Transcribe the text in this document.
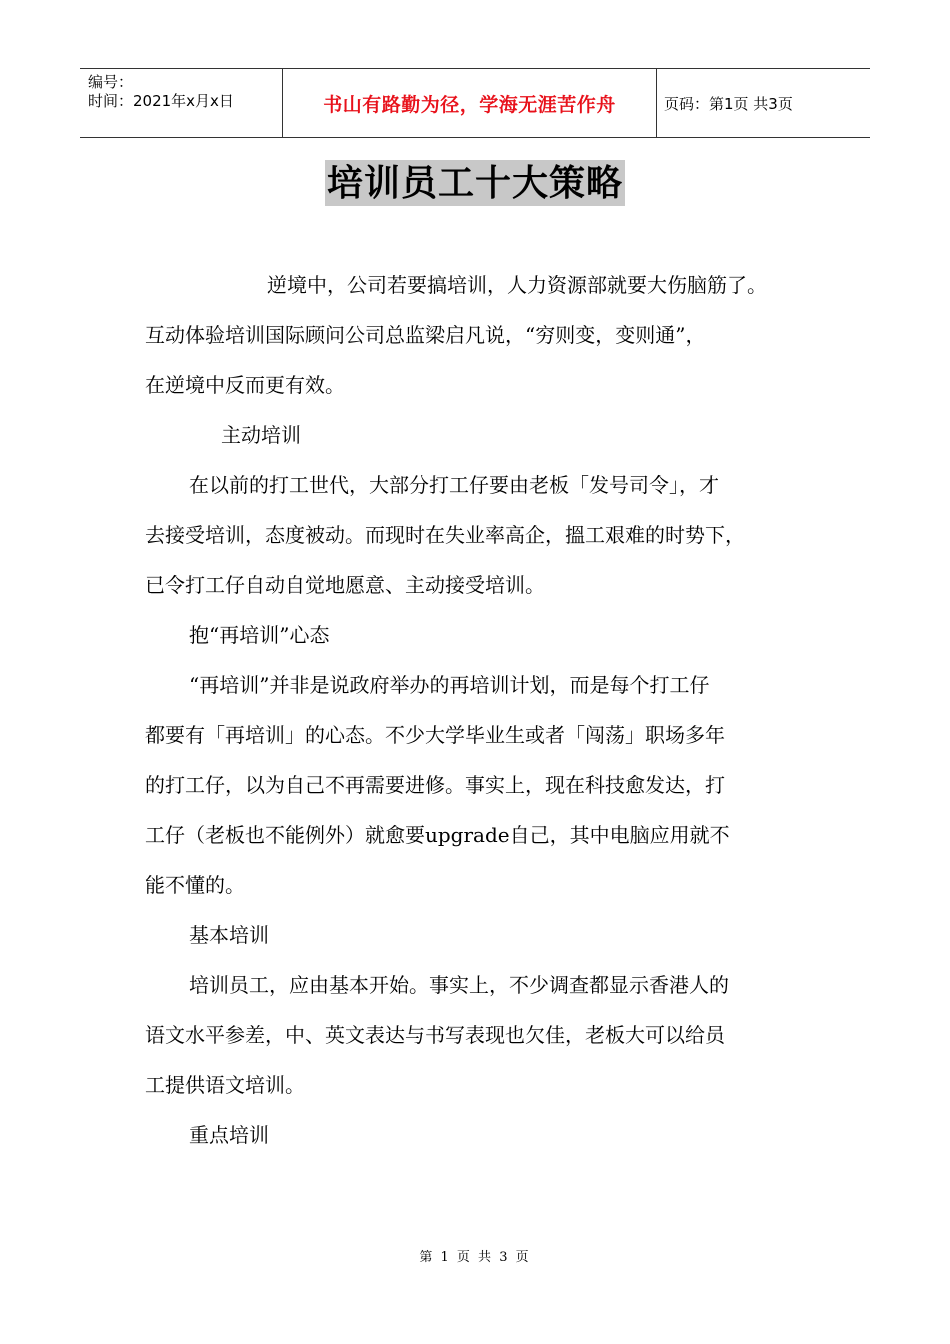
编号：
时间：2021年x月x日	书山有路勤为径，学海无涯苦作舟	页码：第1页 共3页
培训员工十大策略
逆境中，公司若要搞培训，人力资源部就要大伤脑筋了。
互动体验培训国际顾问公司总监梁启凡说，“穷则变，变则通”，
在逆境中反而更有效。
主动培训
在以前的打工世代，大部分打工仔要由老板「发号司令」，才
去接受培训，态度被动。而现时在失业率高企，搵工艰难的时势下，
已令打工仔自动自觉地愿意、主动接受培训。
抱“再培训”心态
“再培训”并非是说政府举办的再培训计划，而是每个打工仔
都要有「再培训」的心态。不少大学毕业生或者「闯荡」职场多年
的打工仔，以为自己不再需要进修。事实上，现在科技愈发达，打
工仔（老板也不能例外）就愈要upgrade自己，其中电脑应用就不
能不懂的。
基本培训
培训员工，应由基本开始。事实上，不少调查都显示香港人的
语文水平参差，中、英文表达与书写表现也欠佳，老板大可以给员
工提供语文培训。
重点培训
第 1 页 共 3 页
